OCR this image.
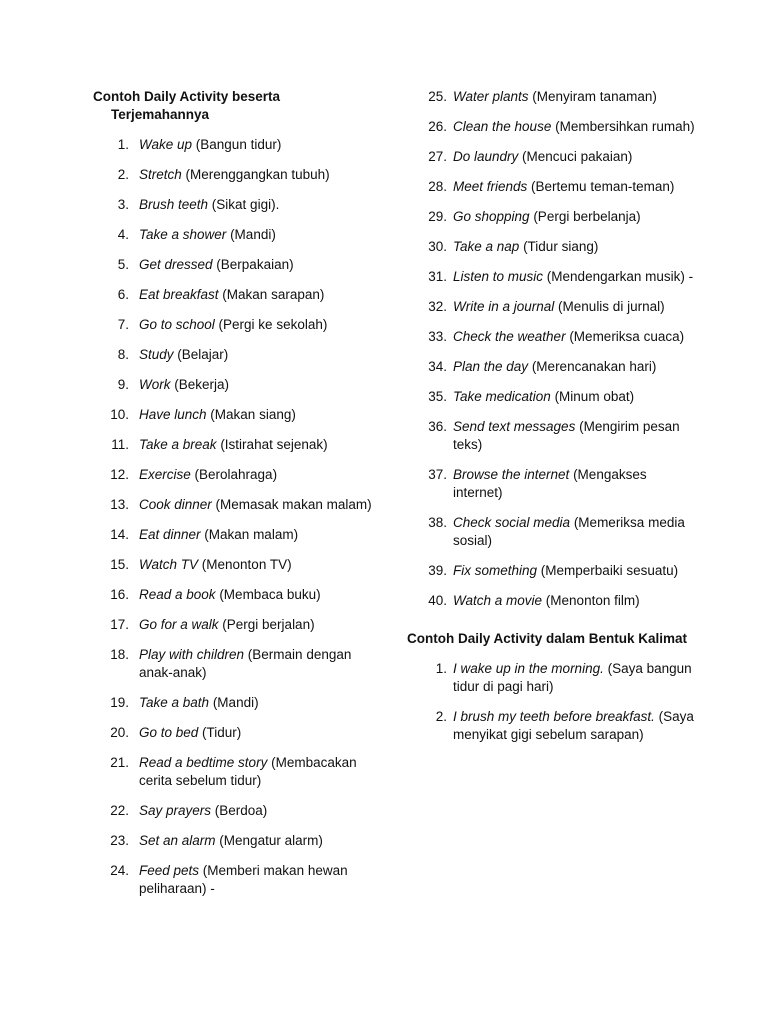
Contoh Daily Activity beserta Terjemahannya

1. Wake up (Bangun tidur)
2. Stretch (Merenggangkan tubuh)
3. Brush teeth (Sikat gigi).
4. Take a shower (Mandi)
5. Get dressed (Berpakaian)
6. Eat breakfast (Makan sarapan)
7. Go to school (Pergi ke sekolah)
8. Study (Belajar)
9. Work (Bekerja)
10. Have lunch (Makan siang)
11. Take a break (Istirahat sejenak)
12. Exercise (Berolahraga)
13. Cook dinner (Memasak makan malam)
14. Eat dinner (Makan malam)
15. Watch TV (Menonton TV)
16. Read a book (Membaca buku)
17. Go for a walk (Pergi berjalan)
18. Play with children (Bermain dengan anak-anak)
19. Take a bath (Mandi)
20. Go to bed (Tidur)
21. Read a bedtime story (Membacakan cerita sebelum tidur)
22. Say prayers (Berdoa)
23. Set an alarm (Mengatur alarm)
24. Feed pets (Memberi makan hewan peliharaan) -
25. Water plants (Menyiram tanaman)
26. Clean the house (Membersihkan rumah)
27. Do laundry (Mencuci pakaian)
28. Meet friends (Bertemu teman-teman)
29. Go shopping (Pergi berbelanja)
30. Take a nap (Tidur siang)
31. Listen to music (Mendengarkan musik) -
32. Write in a journal (Menulis di jurnal)
33. Check the weather (Memeriksa cuaca)
34. Plan the day (Merencanakan hari)
35. Take medication (Minum obat)
36. Send text messages (Mengirim pesan teks)
37. Browse the internet (Mengakses internet)
38. Check social media (Memeriksa media sosial)
39. Fix something (Memperbaiki sesuatu)
40. Watch a movie (Menonton film)

Contoh Daily Activity dalam Bentuk Kalimat

1. I wake up in the morning. (Saya bangun tidur di pagi hari)
2. I brush my teeth before breakfast. (Saya menyikat gigi sebelum sarapan)
